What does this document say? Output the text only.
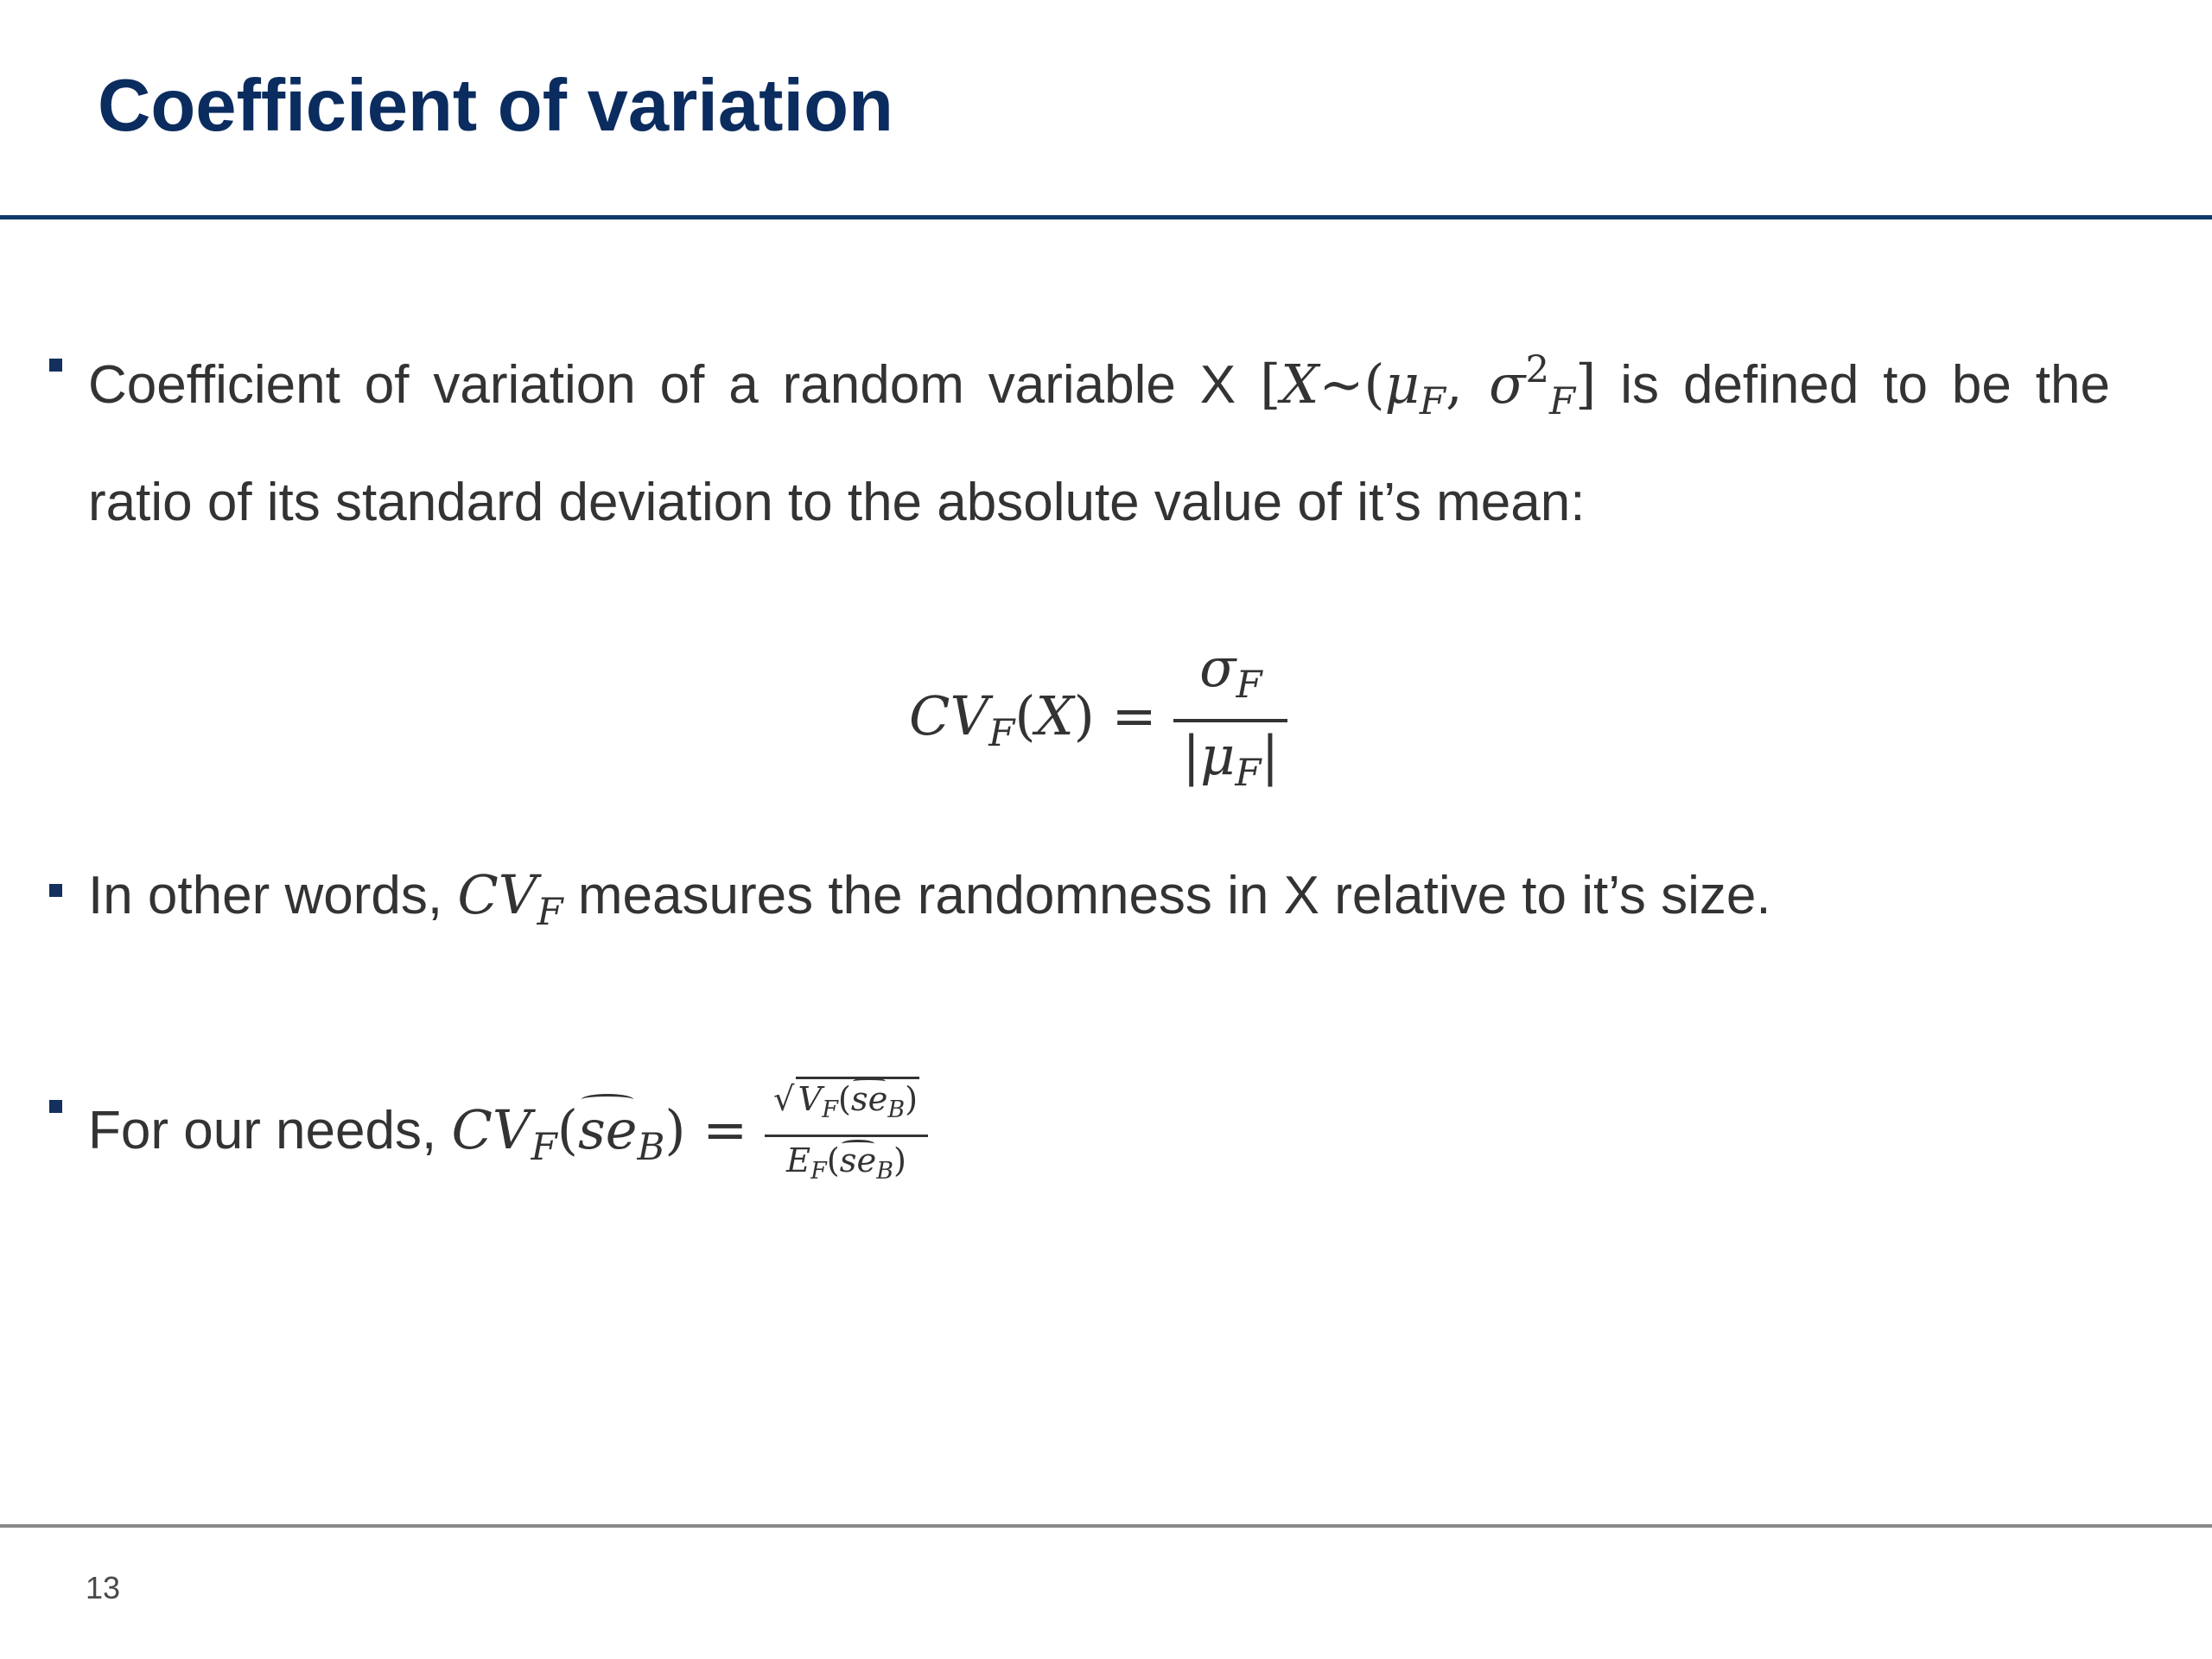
Coefficient of variation
Coefficient of variation of a random variable X [$X\sim(\mu_F$, $\sigma^2_F$] is defined to be the
ratio of its standard deviation to the absolute value of it’s mean:
$CV_F(X) = \frac{\sigma_F}{|\mu_F|}$
In other words, $CV_F$ measures the randomness in X relative to it’s size.
For our needs, $CV_F(se_B) = \frac{√ V_F(se_B)}{E_F(se_B)}$
13
